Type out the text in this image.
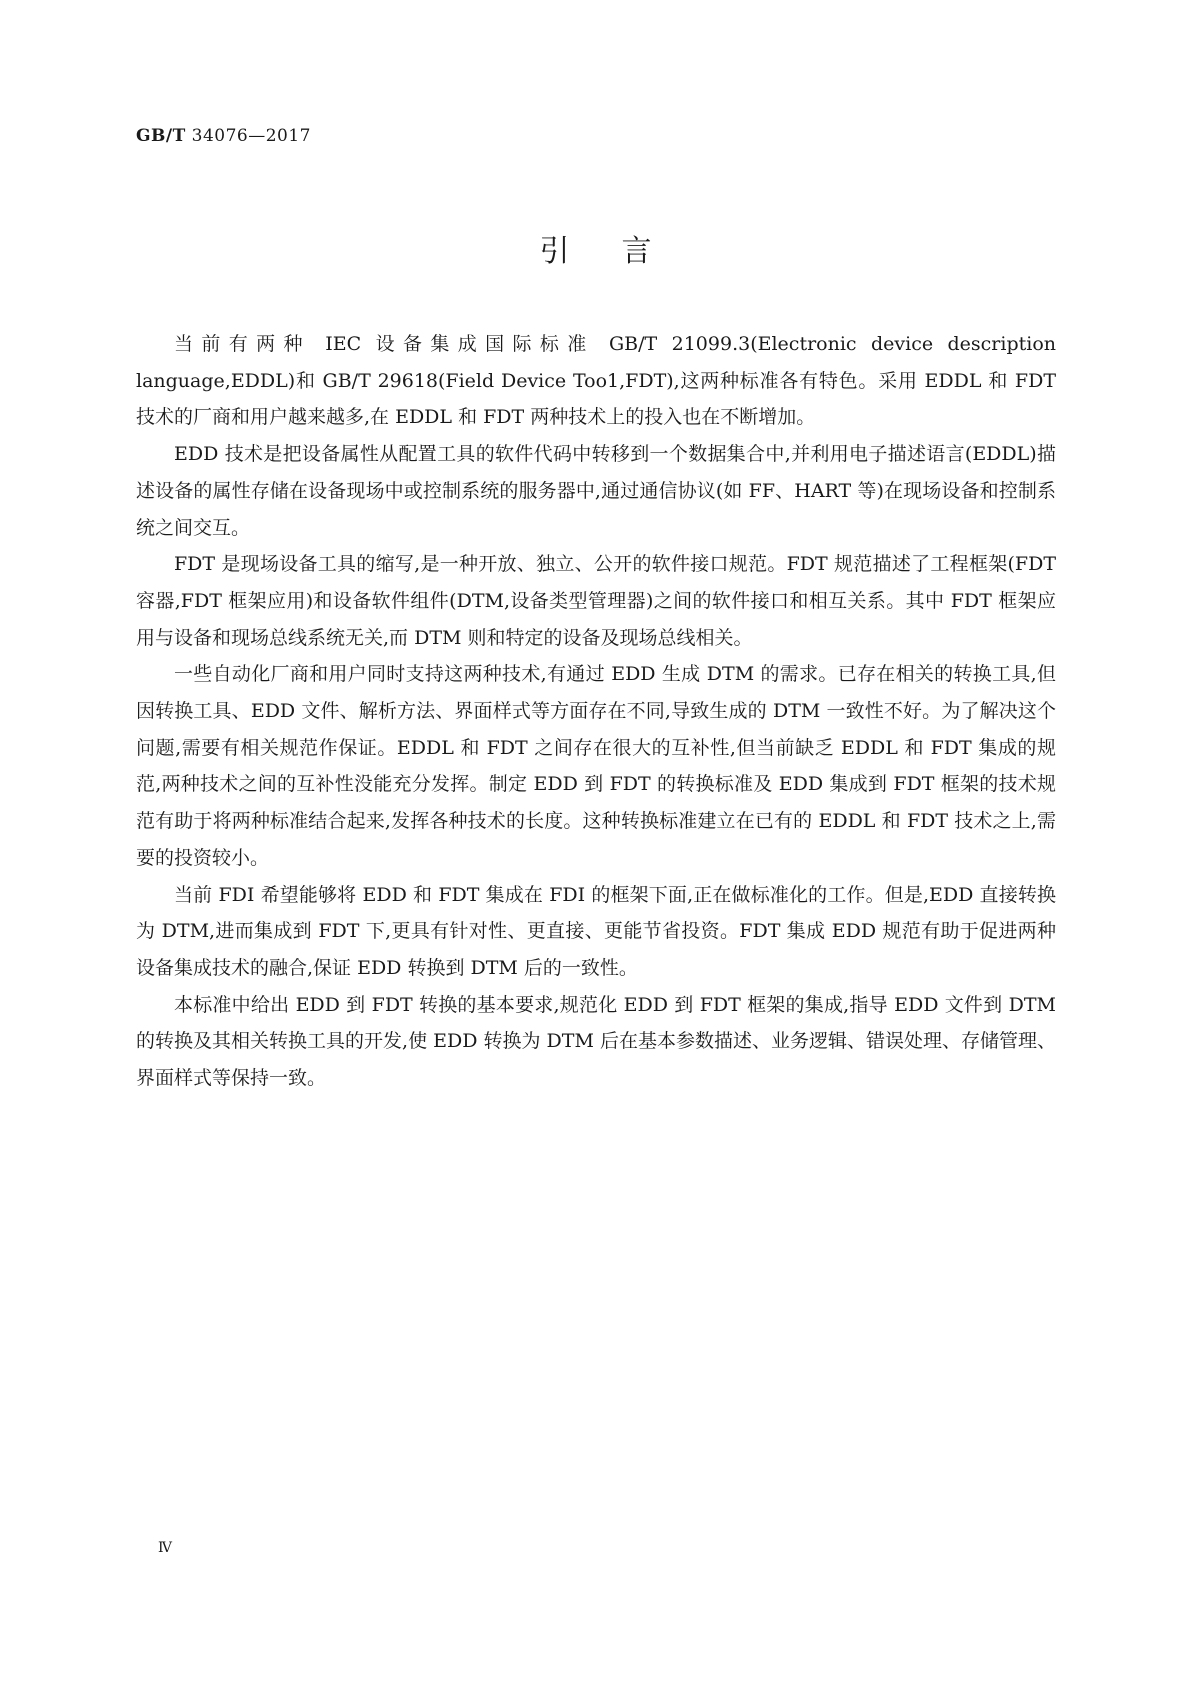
GB/T 34076—2017
引言

当前有两种 IEC 设备集成国际标准 GB/T 21099.3(Electronic device description language,EDDL)和 GB/T 29618(Field Device Too1,FDT),这两种标准各有特色。采用 EDDL 和 FDT 技术的厂商和用户越来越多,在 EDDL 和 FDT 两种技术上的投入也在不断增加。

EDD 技术是把设备属性从配置工具的软件代码中转移到一个数据集合中,并利用电子描述语言(EDDL)描述设备的属性存储在设备现场中或控制系统的服务器中,通过通信协议(如 FF、HART 等)在现场设备和控制系统之间交互。

FDT 是现场设备工具的缩写,是一种开放、独立、公开的软件接口规范。FDT 规范描述了工程框架(FDT 容器,FDT 框架应用)和设备软件组件(DTM,设备类型管理器)之间的软件接口和相互关系。其中 FDT 框架应用与设备和现场总线系统无关,而 DTM 则和特定的设备及现场总线相关。

一些自动化厂商和用户同时支持这两种技术,有通过 EDD 生成 DTM 的需求。已存在相关的转换工具,但因转换工具、EDD 文件、解析方法、界面样式等方面存在不同,导致生成的 DTM 一致性不好。为了解决这个问题,需要有相关规范作保证。EDDL 和 FDT 之间存在很大的互补性,但当前缺乏 EDDL 和 FDT 集成的规范,两种技术之间的互补性没能充分发挥。制定 EDD 到 FDT 的转换标准及 EDD 集成到 FDT 框架的技术规范有助于将两种标准结合起来,发挥各种技术的长度。这种转换标准建立在已有的 EDDL 和 FDT 技术之上,需要的投资较小。

当前 FDI 希望能够将 EDD 和 FDT 集成在 FDI 的框架下面,正在做标准化的工作。但是,EDD 直接转换为 DTM,进而集成到 FDT 下,更具有针对性、更直接、更能节省投资。FDT 集成 EDD 规范有助于促进两种设备集成技术的融合,保证 EDD 转换到 DTM 后的一致性。

本标准中给出 EDD 到 FDT 转换的基本要求,规范化 EDD 到 FDT 框架的集成,指导 EDD 文件到 DTM 的转换及其相关转换工具的开发,使 EDD 转换为 DTM 后在基本参数描述、业务逻辑、错误处理、存储管理、界面样式等保持一致。

Ⅳ
